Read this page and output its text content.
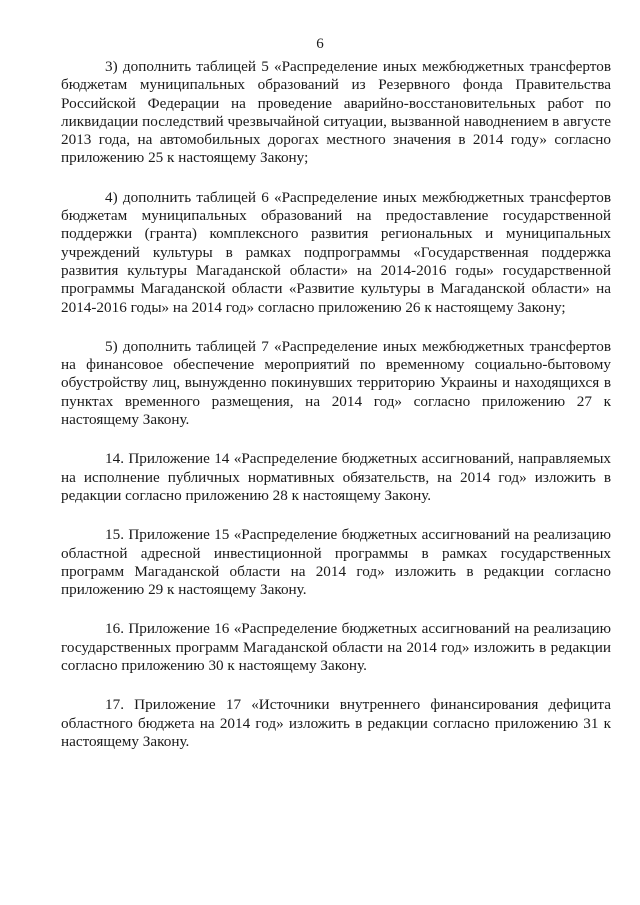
6

3) дополнить таблицей 5 «Распределение иных межбюджетных трансфертов бюджетам муниципальных образований из Резервного фонда Правительства Российской Федерации на проведение аварийно-восстановительных работ по ликвидации последствий чрезвычайной ситуации, вызванной наводнением в августе 2013 года, на автомобильных дорогах местного значения в 2014 году» согласно приложению 25 к настоящему Закону;

4) дополнить таблицей 6 «Распределение иных межбюджетных трансфертов бюджетам муниципальных образований на предоставление государственной поддержки (гранта) комплексного развития региональных и муниципальных учреждений культуры в рамках подпрограммы «Государственная поддержка развития культуры Магаданской области» на 2014-2016 годы» государственной программы Магаданской области «Развитие культуры в Магаданской области» на 2014-2016 годы» на 2014 год» согласно приложению 26 к настоящему Закону;

5) дополнить таблицей 7 «Распределение иных межбюджетных трансфертов на финансовое обеспечение мероприятий по временному социально-бытовому обустройству лиц, вынужденно покинувших территорию Украины и находящихся в пунктах временного размещения, на 2014 год» согласно приложению 27 к настоящему Закону.

14. Приложение 14 «Распределение бюджетных ассигнований, направляемых на исполнение публичных нормативных обязательств, на 2014 год» изложить в редакции согласно приложению 28 к настоящему Закону.

15. Приложение 15 «Распределение бюджетных ассигнований на реализацию областной адресной инвестиционной программы в рамках государственных программ Магаданской области на 2014 год» изложить в редакции согласно приложению 29 к настоящему Закону.

16. Приложение 16 «Распределение бюджетных ассигнований на реализацию государственных программ Магаданской области на 2014 год» изложить в редакции согласно приложению 30 к настоящему Закону.

17. Приложение 17 «Источники внутреннего финансирования дефицита областного бюджета на 2014 год» изложить в редакции согласно приложению 31 к настоящему Закону.
